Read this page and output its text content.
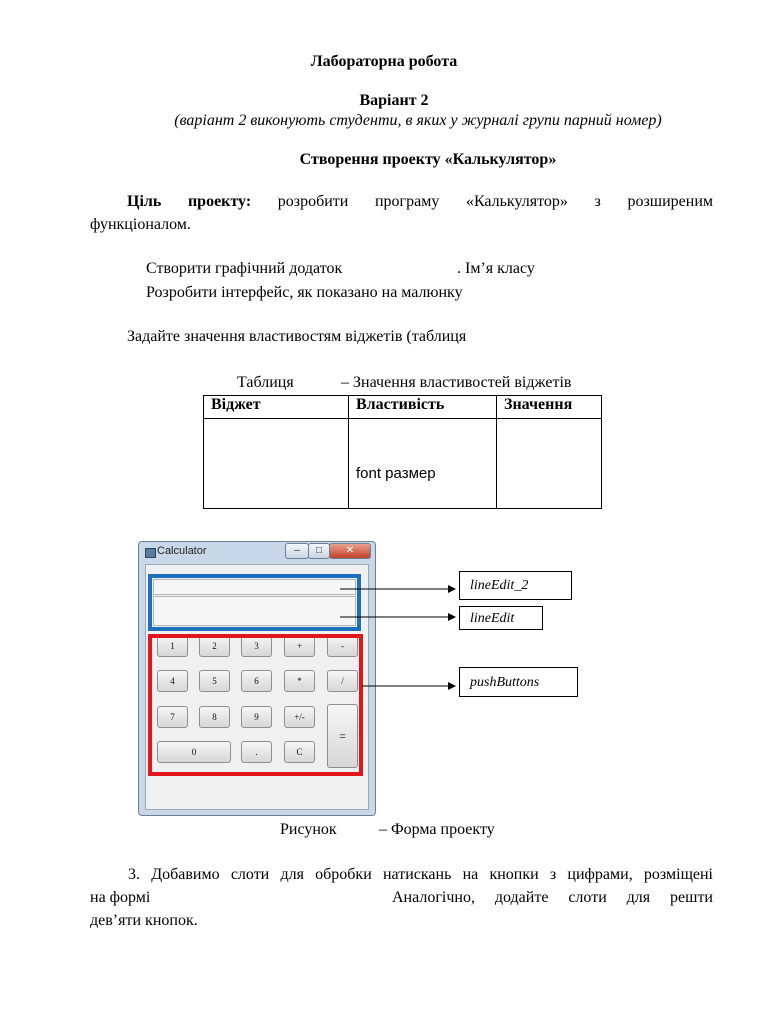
Лабораторна робота
Варіант 2
(варіант 2 виконують студенти, в яких у журналі групи парний номер)
Створення проекту «Калькулятор»
Ціль проекту: розробити програму «Калькулятор» з розширеним
функціоналом.
Створити графічний додаток	. Ім’я класу
Розробити інтерфейс, як показано на малюнку
Задайте значення властивостям віджетів (таблиця
Таблиця	– Значення властивостей віджетів
Віджет	Властивість	Значення
	font размер	
Calculator	–	□	✕
1	2	3	+	-
4	5	6	*	/
7	8	9	+/-
=
0	.	C
lineEdit_2
lineEdit
pushButtons
Рисунок	– Форма проекту
3. Добавимо слоти для обробки натискань на кнопки з цифрами, розміщені
на формі	Аналогічно, додайте слоти для решти
дев’яти кнопок.
